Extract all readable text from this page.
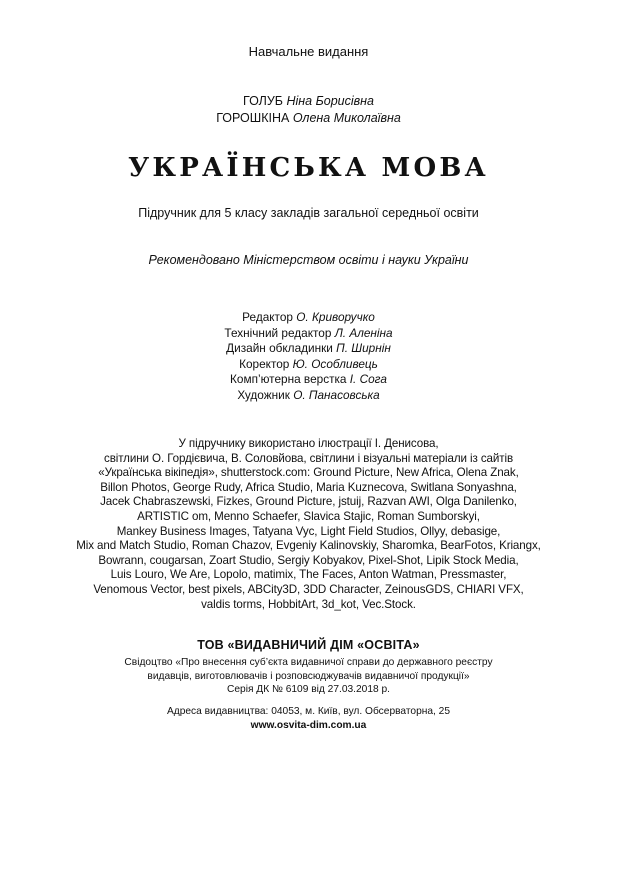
Навчальне видання
ГОЛУБ Ніна Борисівна
ГОРОШКІНА Олена Миколаївна
УКРАЇНСЬКА МОВА
Підручник для 5 класу закладів загальної середньої освіти
Рекомендовано Міністерством освіти і науки України
Редактор О. Криворучко
Технічний редактор Л. Аленіна
Дизайн обкладинки П. Ширнін
Коректор Ю. Особливець
Комп’ютерна верстка І. Сога
Художник О. Панасовська
У підручнику використано ілюстрації І. Денисова,
світлини О. Гордієвича, В. Соловйова, світлини і візуальні матеріали із сайтів
«Українська вікіпедія», shutterstock.com: Ground Picture, New Africa, Olena Znak,
Billon Photos, George Rudy, Africa Studio, Maria Kuznecova, Switlana Sonyashna,
Jacek Chabraszewski, Fizkes, Ground Picture, jstuij, Razvan AWI, Olga Danilenko,
ARTISTIC om, Menno Schaefer, Slavica Stajic, Roman Sumborskyi,
Mankey Business Images, Tatyana Vyc, Light Field Studios, Ollyy, debasige,
Mix and Match Studio, Roman Chazov, Evgeniy Kalinovskiy, Sharomka, BearFotos, Kriangx,
Bowrann, cougarsan, Zoart Studio, Sergiy Kobyakov, Pixel-Shot, Lipik Stock Media,
Luis Louro, We Are, Lopolo, matimix, The Faces, Anton Watman, Pressmaster,
Venomous Vector, best pixels, ABCity3D, 3DD Character, ZeinousGDS, CHIARI VFX,
valdis torms, HobbitArt, 3d_kot, Vec.Stock.
ТОВ «ВИДАВНИЧИЙ ДІМ «ОСВІТА»
Свідоцтво «Про внесення суб’єкта видавничої справи до державного реєстру
видавців, виготовлювачів і розповсюджувачів видавничої продукції»
Серія ДК № 6109 від 27.03.2018 р.
Адреса видавництва: 04053, м. Київ, вул. Обсерваторна, 25
www.osvita-dim.com.ua
